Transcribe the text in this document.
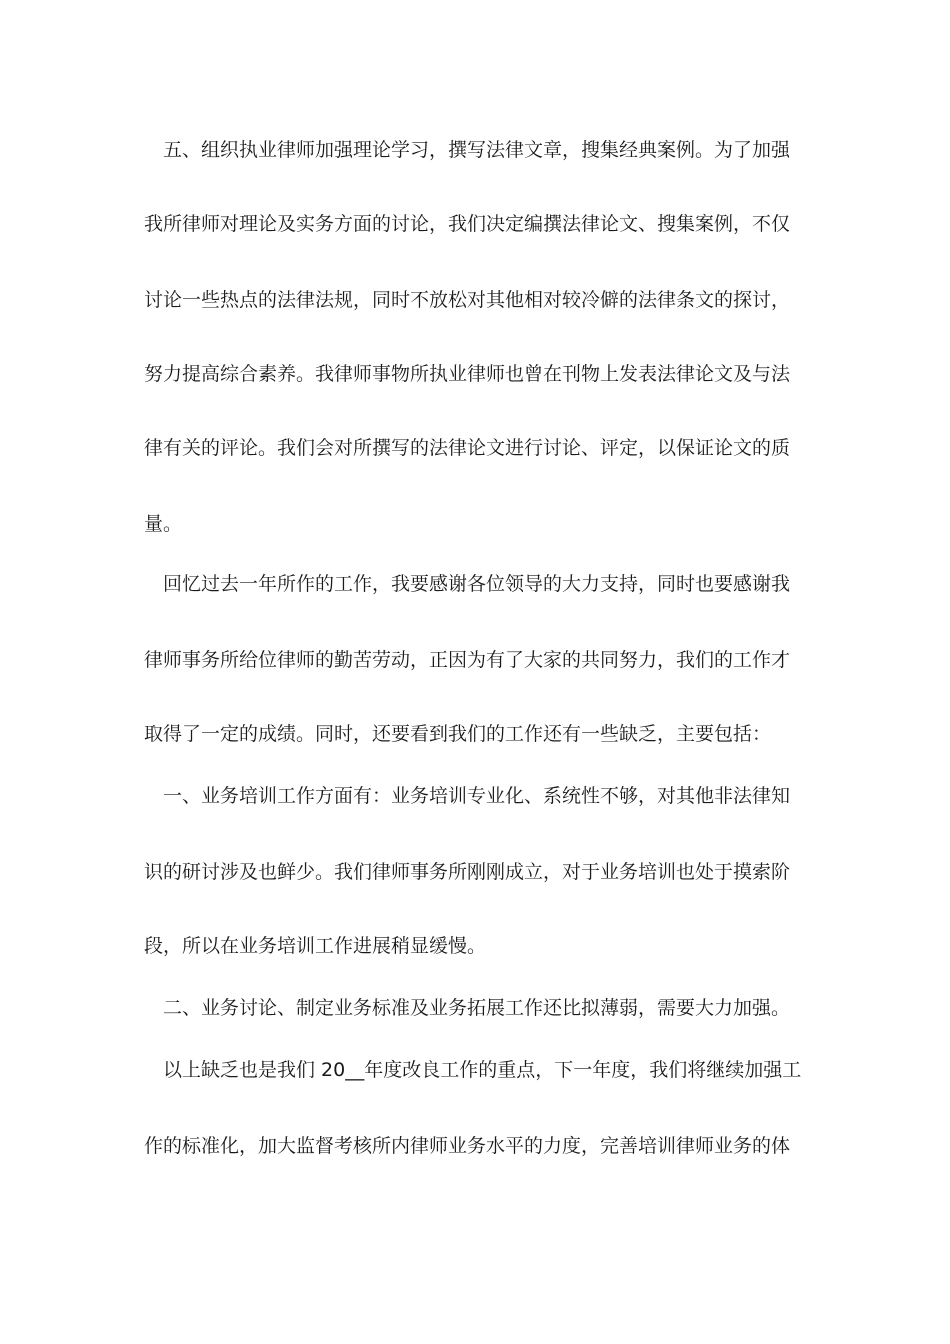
五、组织执业律师加强理论学习，撰写法律文章，搜集经典案例。为了加强
我所律师对理论及实务方面的讨论，我们决定编撰法律论文、搜集案例，不仅
讨论一些热点的法律法规，同时不放松对其他相对较冷僻的法律条文的探讨，
努力提高综合素养。我律师事物所执业律师也曾在刊物上发表法律论文及与法
律有关的评论。我们会对所撰写的法律论文进行讨论、评定，以保证论文的质
量。
回忆过去一年所作的工作，我要感谢各位领导的大力支持，同时也要感谢我
律师事务所给位律师的勤苦劳动，正因为有了大家的共同努力，我们的工作才
取得了一定的成绩。同时，还要看到我们的工作还有一些缺乏，主要包括：
一、业务培训工作方面有：业务培训专业化、系统性不够，对其他非法律知
识的研讨涉及也鲜少。我们律师事务所刚刚成立，对于业务培训也处于摸索阶
段，所以在业务培训工作进展稍显缓慢。
二、业务讨论、制定业务标准及业务拓展工作还比拟薄弱，需要大力加强。
以上缺乏也是我们 20__年度改良工作的重点，下一年度，我们将继续加强工
作的标准化，加大监督考核所内律师业务水平的力度，完善培训律师业务的体
